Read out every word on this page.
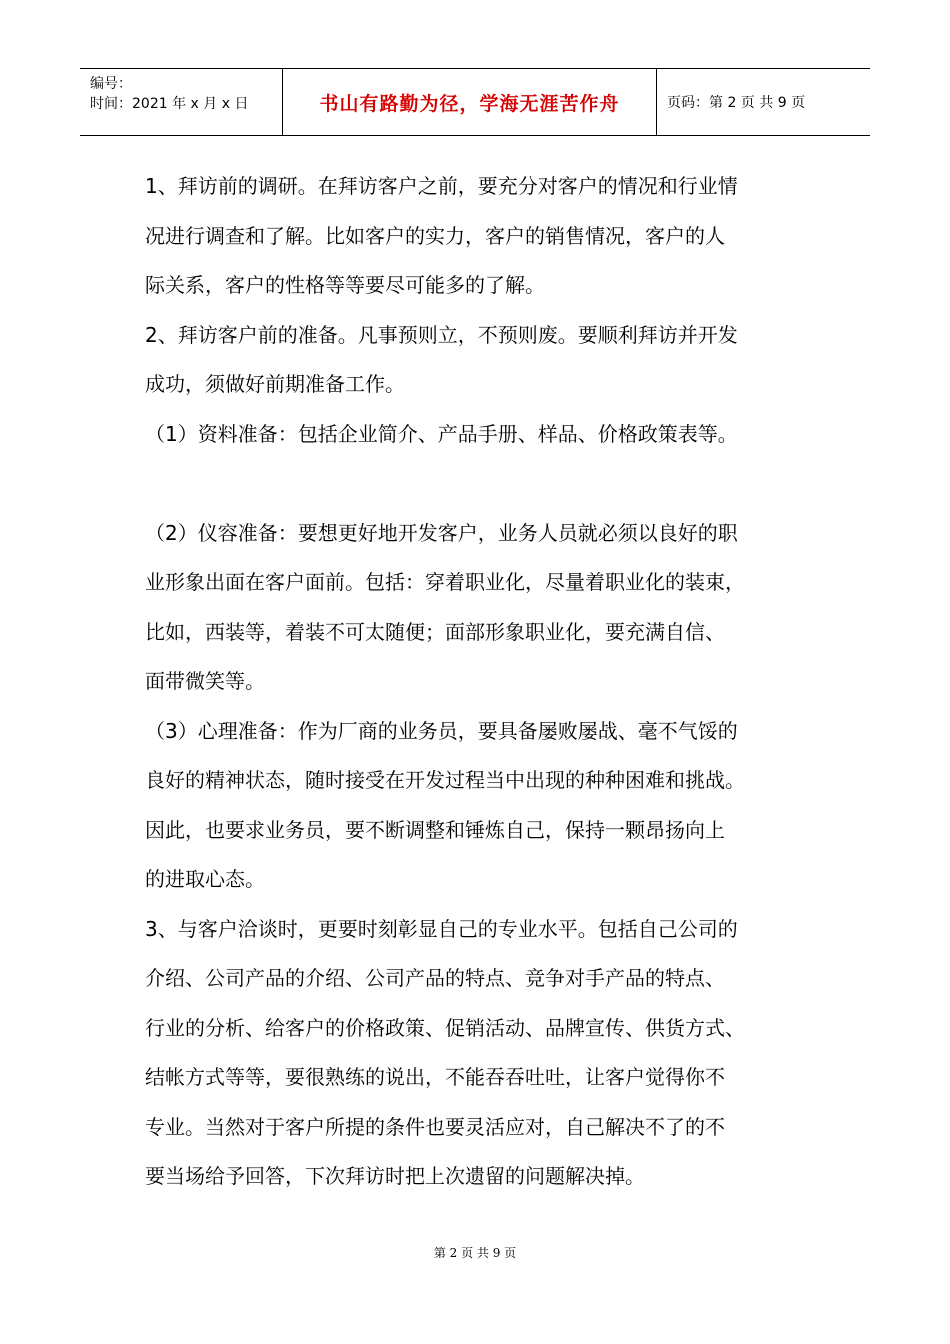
编号：
时间：2021 年 x 月 x 日	书山有路勤为径，学海无涯苦作舟	页码：第 2 页 共 9 页

1、拜访前的调研。在拜访客户之前，要充分对客户的情况和行业情

况进行调查和了解。比如客户的实力，客户的销售情况，客户的人

际关系，客户的性格等等要尽可能多的了解。

2、拜访客户前的准备。凡事预则立，不预则废。要顺利拜访并开发

成功，须做好前期准备工作。

（1）资料准备：包括企业简介、产品手册、样品、价格政策表等。

（2）仪容准备：要想更好地开发客户，业务人员就必须以良好的职

业形象出面在客户面前。包括：穿着职业化，尽量着职业化的装束，

比如，西装等，着装不可太随便；面部形象职业化，要充满自信、

面带微笑等。

（3）心理准备：作为厂商的业务员，要具备屡败屡战、毫不气馁的

良好的精神状态，随时接受在开发过程当中出现的种种困难和挑战。

因此，也要求业务员，要不断调整和锤炼自己，保持一颗昂扬向上

的进取心态。

3、与客户洽谈时，更要时刻彰显自己的专业水平。包括自己公司的

介绍、公司产品的介绍、公司产品的特点、竞争对手产品的特点、

行业的分析、给客户的价格政策、促销活动、品牌宣传、供货方式、

结帐方式等等，要很熟练的说出，不能吞吞吐吐，让客户觉得你不

专业。当然对于客户所提的条件也要灵活应对，自己解决不了的不

要当场给予回答，下次拜访时把上次遗留的问题解决掉。

第 2 页 共 9 页
